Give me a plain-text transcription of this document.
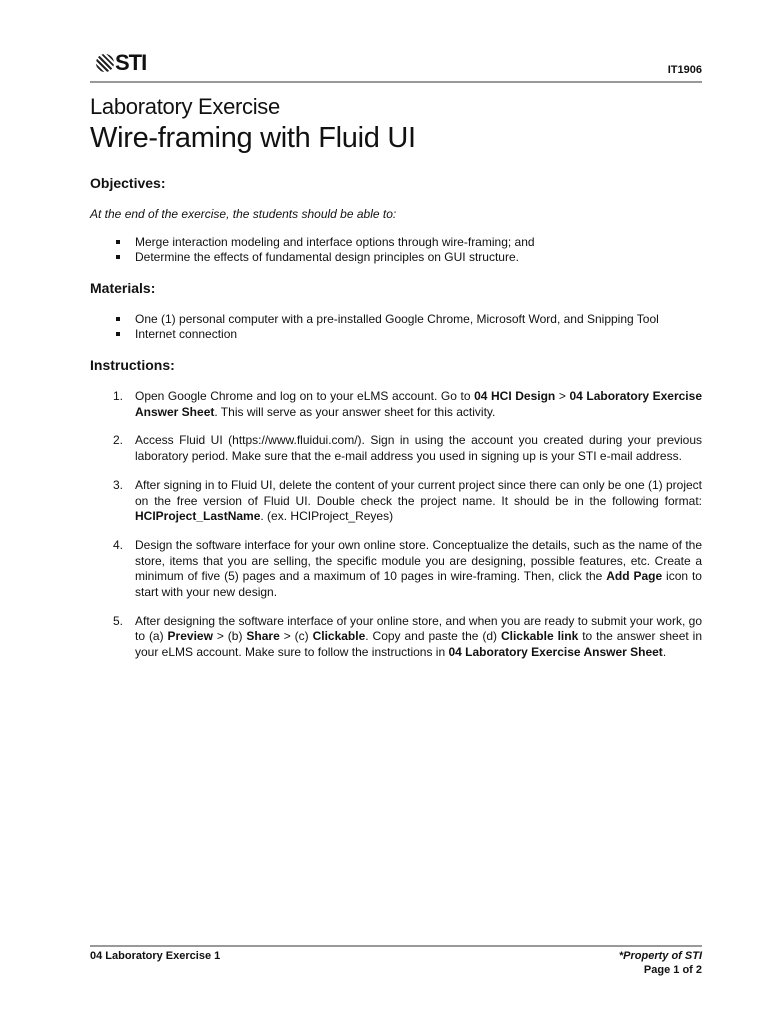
STI	IT1906
Laboratory Exercise
Wire-framing with Fluid UI
Objectives:
At the end of the exercise, the students should be able to:
Merge interaction modeling and interface options through wire-framing; and
Determine the effects of fundamental design principles on GUI structure.
Materials:
One (1) personal computer with a pre-installed Google Chrome, Microsoft Word, and Snipping Tool
Internet connection
Instructions:
1. Open Google Chrome and log on to your eLMS account. Go to 04 HCI Design > 04 Laboratory Exercise Answer Sheet. This will serve as your answer sheet for this activity.
2. Access Fluid UI (https://www.fluidui.com/). Sign in using the account you created during your previous laboratory period. Make sure that the e-mail address you used in signing up is your STI e-mail address.
3. After signing in to Fluid UI, delete the content of your current project since there can only be one (1) project on the free version of Fluid UI. Double check the project name. It should be in the following format: HCIProject_LastName. (ex. HCIProject_Reyes)
4. Design the software interface for your own online store. Conceptualize the details, such as the name of the store, items that you are selling, the specific module you are designing, possible features, etc. Create a minimum of five (5) pages and a maximum of 10 pages in wire-framing. Then, click the Add Page icon to start with your new design.
5. After designing the software interface of your online store, and when you are ready to submit your work, go to (a) Preview > (b) Share > (c) Clickable. Copy and paste the (d) Clickable link to the answer sheet in your eLMS account. Make sure to follow the instructions in 04 Laboratory Exercise Answer Sheet.
04 Laboratory Exercise 1	*Property of STI
Page 1 of 2
